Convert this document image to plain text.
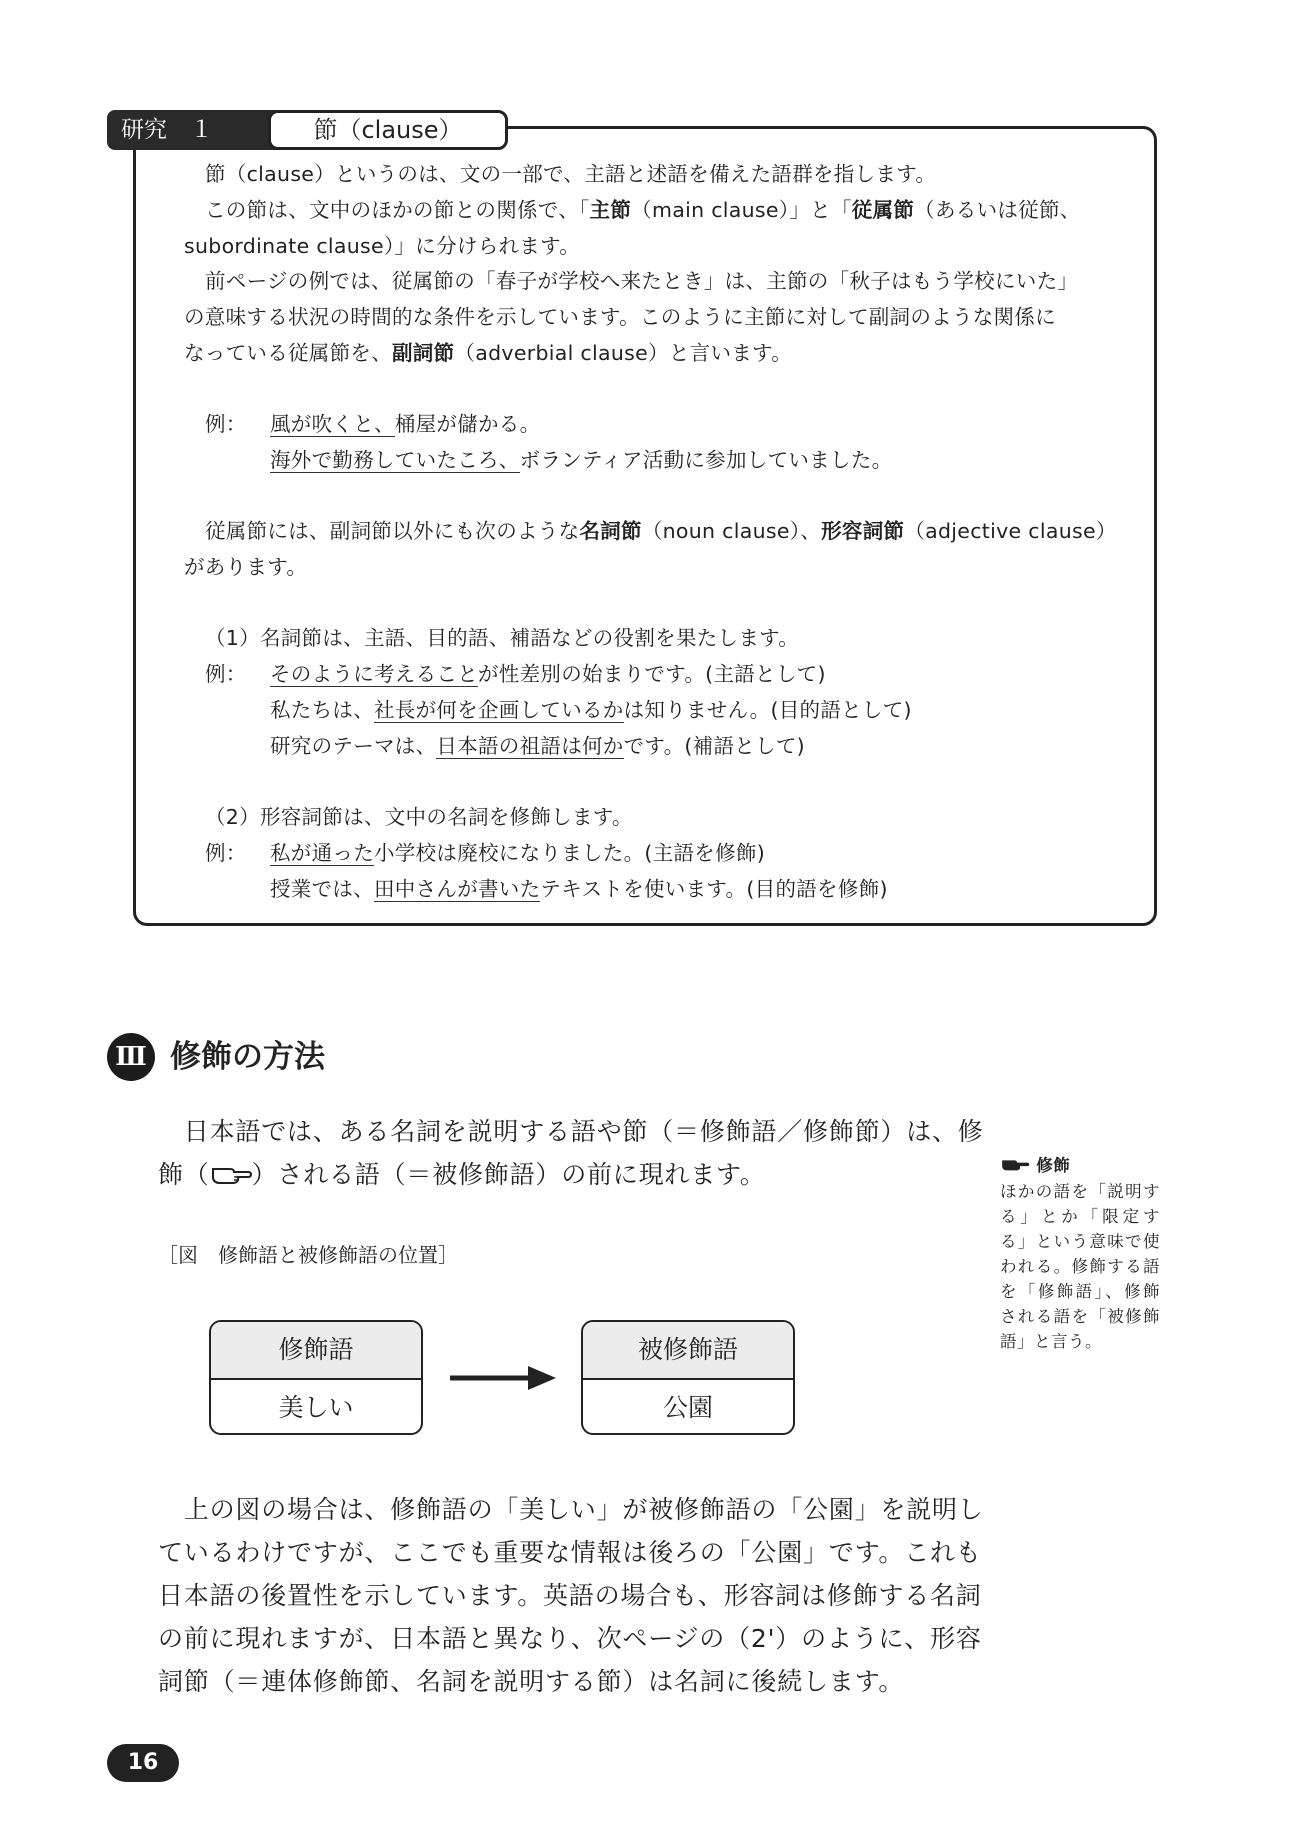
研究　１	節（clause）
節（clause）というのは、文の一部で、主語と述語を備えた語群を指します。
この節は、文中のほかの節との関係で、「主節（main clause）」と「従属節（あるいは従節、
subordinate clause）」に分けられます。
前ページの例では、従属節の「春子が学校へ来たとき」は、主節の「秋子はもう学校にいた」
の意味する状況の時間的な条件を示しています。このように主節に対して副詞のような関係に
なっている従属節を、副詞節（adverbial clause）と言います。
例： 風が吹くと、桶屋が儲かる。
海外で勤務していたころ、ボランティア活動に参加していました。
従属節には、副詞節以外にも次のような名詞節（noun clause）、形容詞節（adjective clause）
があります。
（1）名詞節は、主語、目的語、補語などの役割を果たします。
例： そのように考えることが性差別の始まりです。(主語として)
私たちは、社長が何を企画しているかは知りません。(目的語として)
研究のテーマは、日本語の祖語は何かです。(補語として)
（2）形容詞節は、文中の名詞を修飾します。
例： 私が通った小学校は廃校になりました。(主語を修飾)
授業では、田中さんが書いたテキストを使います。(目的語を修飾)
Ⅲ 修飾の方法
　日本語では、ある名詞を説明する語や節（＝修飾語／修飾節）は、修
飾（ ）される語（＝被修飾語）の前に現れます。
［図　修飾語と被修飾語の位置］
修飾語
美しい
被修飾語
公園
　上の図の場合は、修飾語の「美しい」が被修飾語の「公園」を説明し
ているわけですが、ここでも重要な情報は後ろの「公園」です。これも
日本語の後置性を示しています。英語の場合も、形容詞は修飾する名詞
の前に現れますが、日本語と異なり、次ページの（2'）のように、形容
詞節（＝連体修飾節、名詞を説明する節）は名詞に後続します。
修飾
ほかの語を「説明する」とか「限定する」という意味で使われる。修飾する語を「修飾語」、修飾される語を「被修飾語」と言う。
16
